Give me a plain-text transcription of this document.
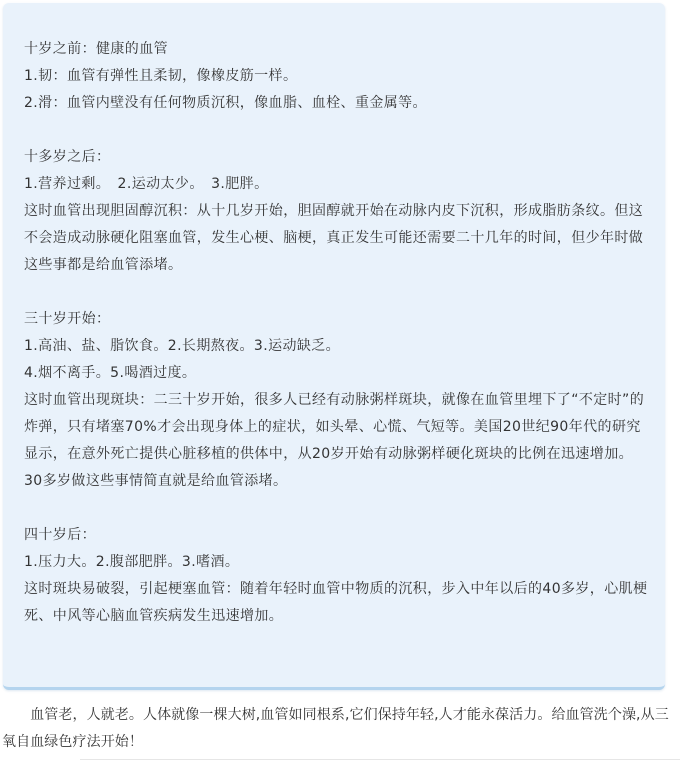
十岁之前：健康的血管

1.韧：血管有弹性且柔韧，像橡皮筋一样。

2.滑：血管内壁没有任何物质沉积，像血脂、血栓、重金属等。

十多岁之后：

1.营养过剩。　2.运动太少。　3.肥胖。

这时血管出现胆固醇沉积：从十几岁开始，胆固醇就开始在动脉内皮下沉积，形成脂肪条纹。但这不会造成动脉硬化阻塞血管，发生心梗、脑梗，真正发生可能还需要二十几年的时间，但少年时做这些事都是给血管添堵。

三十岁开始：

1.高油、盐、脂饮食。2.长期熬夜。3.运动缺乏。

4.烟不离手。5.喝酒过度。

这时血管出现斑块：二三十岁开始，很多人已经有动脉粥样斑块，就像在血管里埋下了“不定时”的炸弹，只有堵塞70%才会出现身体上的症状，如头晕、心慌、气短等。美国20世纪90年代的研究显示，在意外死亡提供心脏移植的供体中，从20岁开始有动脉粥样硬化斑块的比例在迅速增加。 30多岁做这些事情简直就是给血管添堵。

四十岁后：

1.压力大。2.腹部肥胖。3.嗜酒。

这时斑块易破裂，引起梗塞血管：随着年轻时血管中物质的沉积，步入中年以后的40多岁，心肌梗死、中风等心脑血管疾病发生迅速增加。

　　血管老，人就老。人体就像一棵大树,血管如同根系,它们保持年轻,人才能永葆活力。给血管洗个澡,从三氧自血绿色疗法开始！
